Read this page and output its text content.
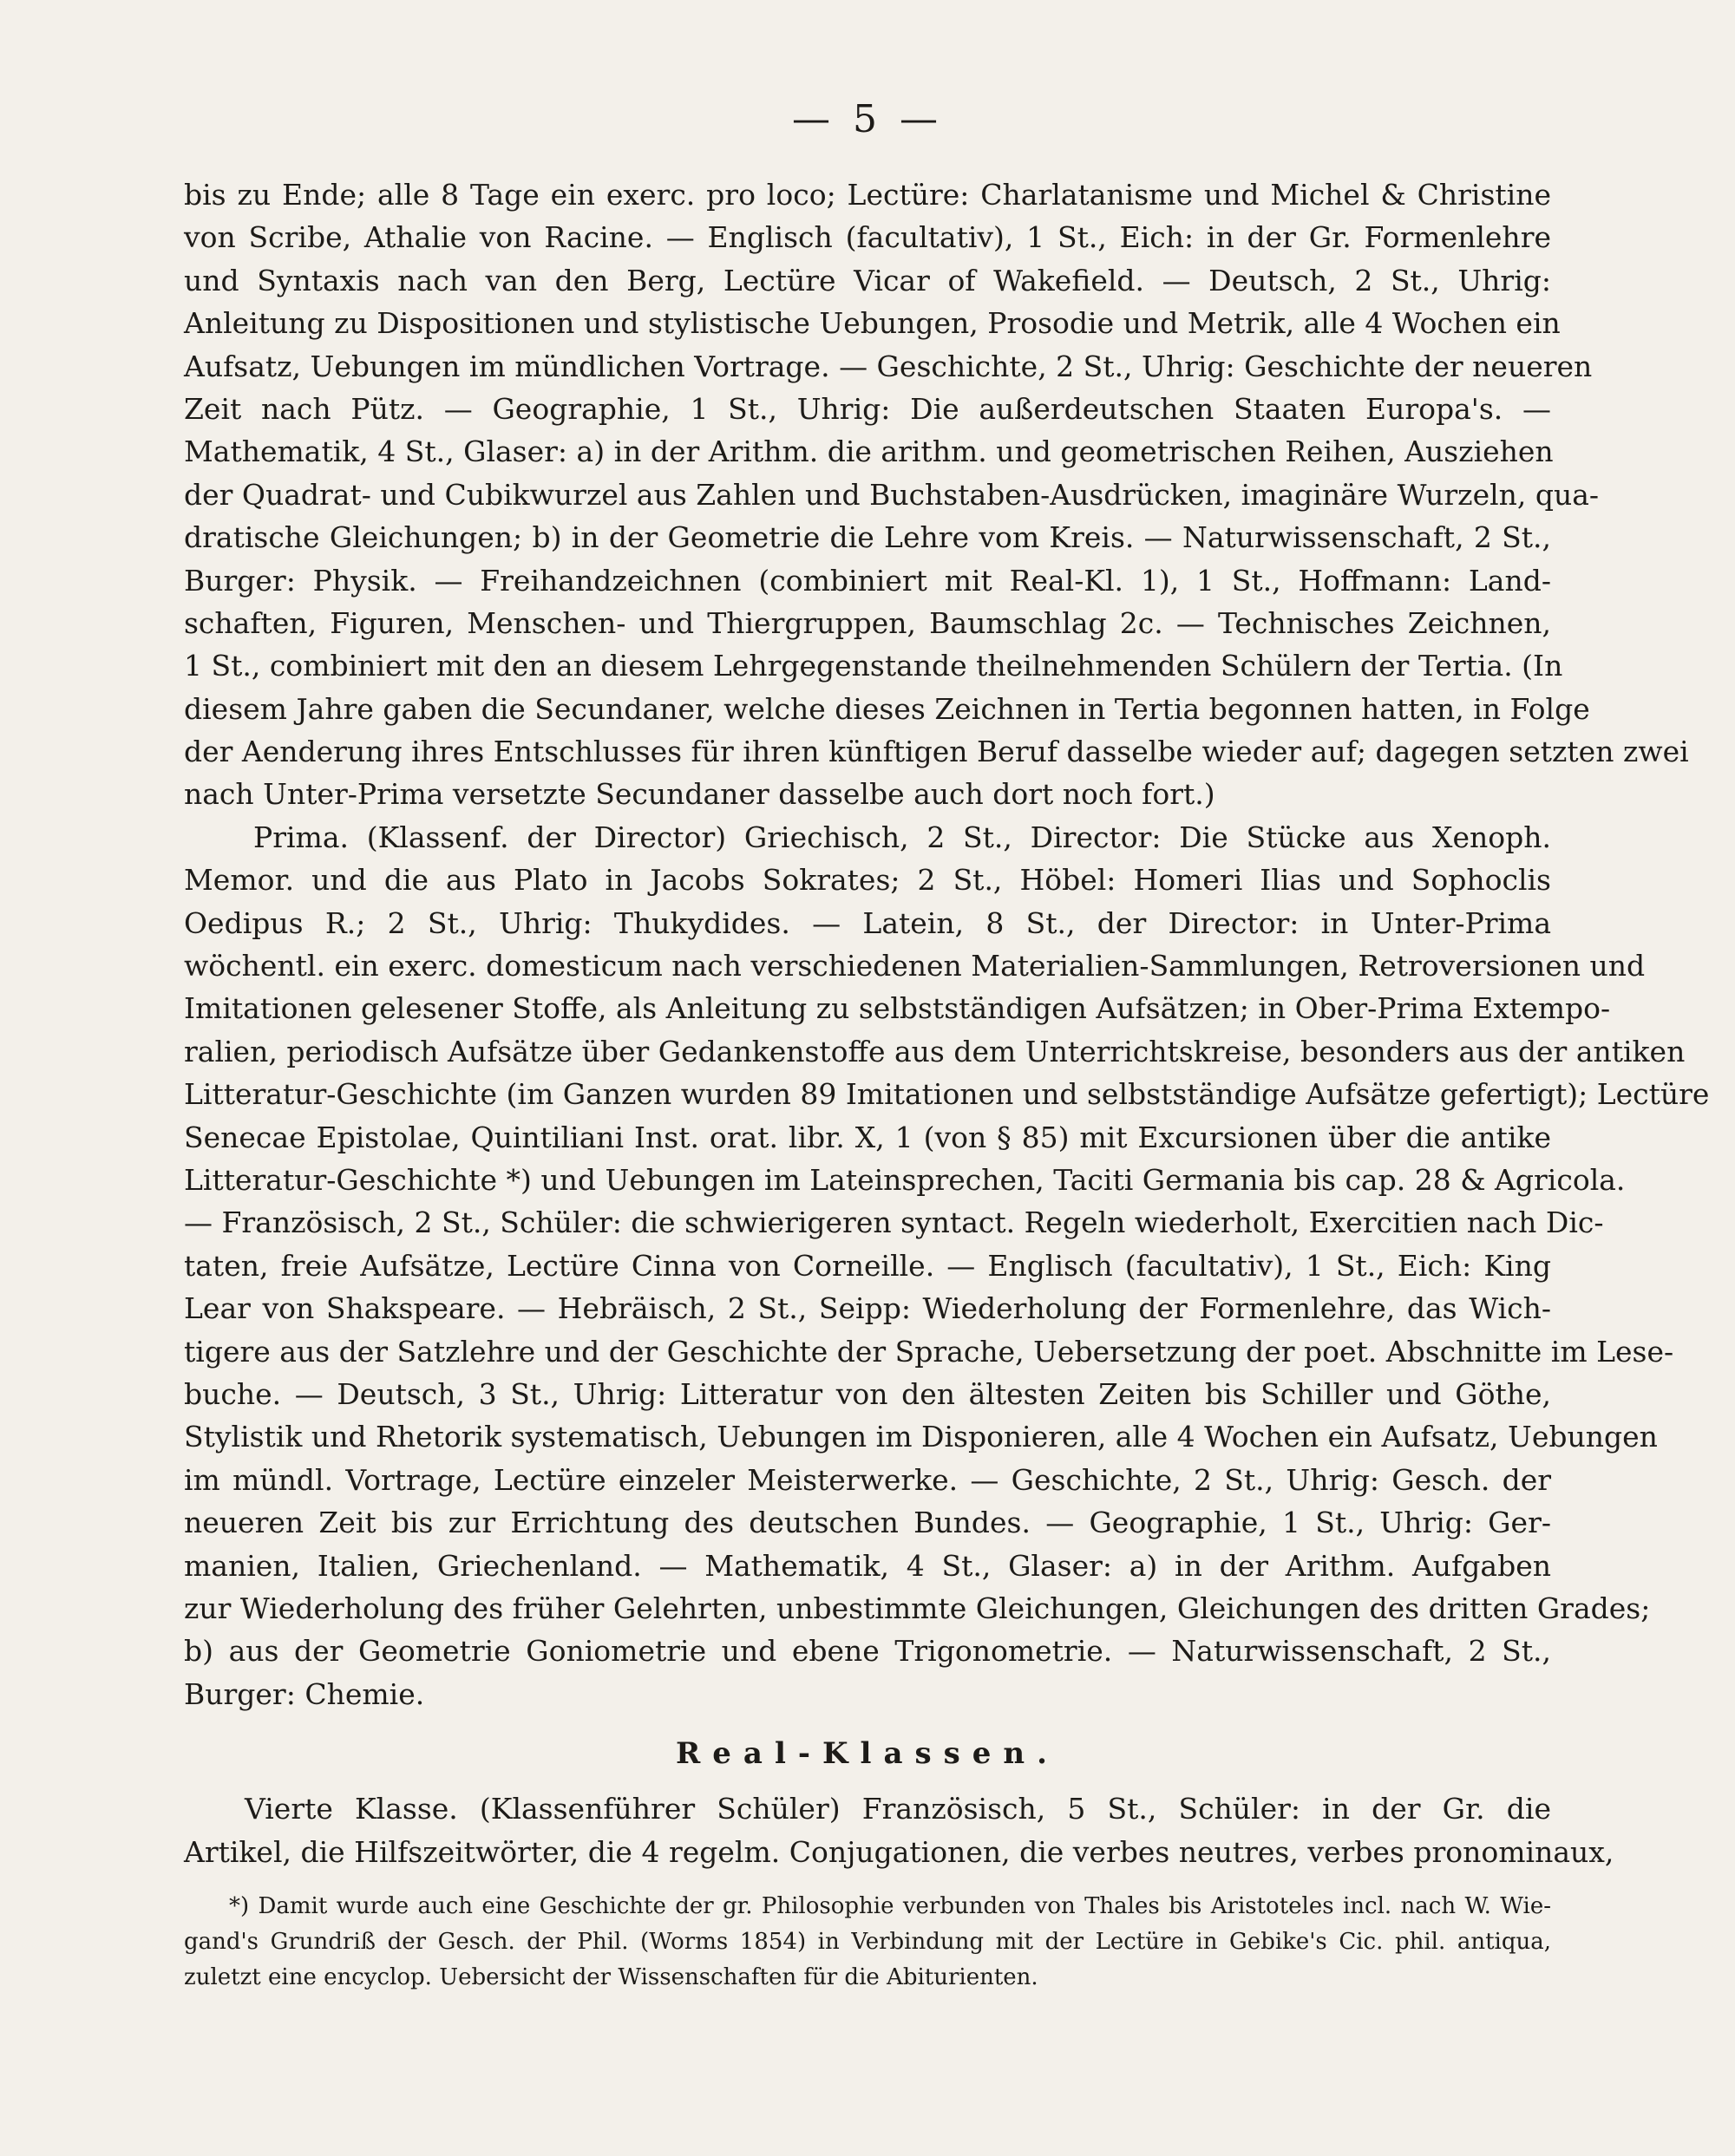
— 5 —
bis zu Ende; alle 8 Tage ein exerc. pro loco; Lectüre: Charlatanisme und Michel & Christine
von Scribe, Athalie von Racine. — Englisch (facultativ), 1 St., Eich: in der Gr. Formenlehre
und Syntaxis nach van den Berg, Lectüre Vicar of Wakefield. — Deutsch, 2 St., Uhrig:
Anleitung zu Dispositionen und stylistische Uebungen, Prosodie und Metrik, alle 4 Wochen ein
Aufsatz, Uebungen im mündlichen Vortrage. — Geschichte, 2 St., Uhrig: Geschichte der neueren
Zeit nach Pütz. — Geographie, 1 St., Uhrig: Die außerdeutschen Staaten Europa's. —
Mathematik, 4 St., Glaser: a) in der Arithm. die arithm. und geometrischen Reihen, Ausziehen
der Quadrat- und Cubikwurzel aus Zahlen und Buchstaben-Ausdrücken, imaginäre Wurzeln, qua-
dratische Gleichungen; b) in der Geometrie die Lehre vom Kreis. — Naturwissenschaft, 2 St.,
Burger: Physik. — Freihandzeichnen (combiniert mit Real-Kl. 1), 1 St., Hoffmann: Land-
schaften, Figuren, Menschen- und Thiergruppen, Baumschlag 2c. — Technisches Zeichnen,
1 St., combiniert mit den an diesem Lehrgegenstande theilnehmenden Schülern der Tertia. (In
diesem Jahre gaben die Secundaner, welche dieses Zeichnen in Tertia begonnen hatten, in Folge
der Aenderung ihres Entschlusses für ihren künftigen Beruf dasselbe wieder auf; dagegen setzten zwei
nach Unter-Prima versetzte Secundaner dasselbe auch dort noch fort.)
Prima. (Klassenf. der Director) Griechisch, 2 St., Director: Die Stücke aus Xenoph.
Memor. und die aus Plato in Jacobs Sokrates; 2 St., Höbel: Homeri Ilias und Sophoclis
Oedipus R.; 2 St., Uhrig: Thukydides. — Latein, 8 St., der Director: in Unter-Prima
wöchentl. ein exerc. domesticum nach verschiedenen Materialien-Sammlungen, Retroversionen und
Imitationen gelesener Stoffe, als Anleitung zu selbstständigen Aufsätzen; in Ober-Prima Extempo-
ralien, periodisch Aufsätze über Gedankenstoffe aus dem Unterrichtskreise, besonders aus der antiken
Litteratur-Geschichte (im Ganzen wurden 89 Imitationen und selbstständige Aufsätze gefertigt); Lectüre
Senecae Epistolae, Quintiliani Inst. orat. libr. X, 1 (von § 85) mit Excursionen über die antike
Litteratur-Geschichte *) und Uebungen im Lateinsprechen, Taciti Germania bis cap. 28 & Agricola.
— Französisch, 2 St., Schüler: die schwierigeren syntact. Regeln wiederholt, Exercitien nach Dic-
taten, freie Aufsätze, Lectüre Cinna von Corneille. — Englisch (facultativ), 1 St., Eich: King
Lear von Shakspeare. — Hebräisch, 2 St., Seipp: Wiederholung der Formenlehre, das Wich-
tigere aus der Satzlehre und der Geschichte der Sprache, Uebersetzung der poet. Abschnitte im Lese-
buche. — Deutsch, 3 St., Uhrig: Litteratur von den ältesten Zeiten bis Schiller und Göthe,
Stylistik und Rhetorik systematisch, Uebungen im Disponieren, alle 4 Wochen ein Aufsatz, Uebungen
im mündl. Vortrage, Lectüre einzeler Meisterwerke. — Geschichte, 2 St., Uhrig: Gesch. der
neueren Zeit bis zur Errichtung des deutschen Bundes. — Geographie, 1 St., Uhrig: Ger-
manien, Italien, Griechenland. — Mathematik, 4 St., Glaser: a) in der Arithm. Aufgaben
zur Wiederholung des früher Gelehrten, unbestimmte Gleichungen, Gleichungen des dritten Grades;
b) aus der Geometrie Goniometrie und ebene Trigonometrie. — Naturwissenschaft, 2 St.,
Burger: Chemie.
Real-Klassen.
Vierte Klasse. (Klassenführer Schüler) Französisch, 5 St., Schüler: in der Gr. die
Artikel, die Hilfszeitwörter, die 4 regelm. Conjugationen, die verbes neutres, verbes pronominaux,
*) Damit wurde auch eine Geschichte der gr. Philosophie verbunden von Thales bis Aristoteles incl. nach W. Wie-
gand's Grundriß der Gesch. der Phil. (Worms 1854) in Verbindung mit der Lectüre in Gebike's Cic. phil. antiqua,
zuletzt eine encyclop. Uebersicht der Wissenschaften für die Abiturienten.
